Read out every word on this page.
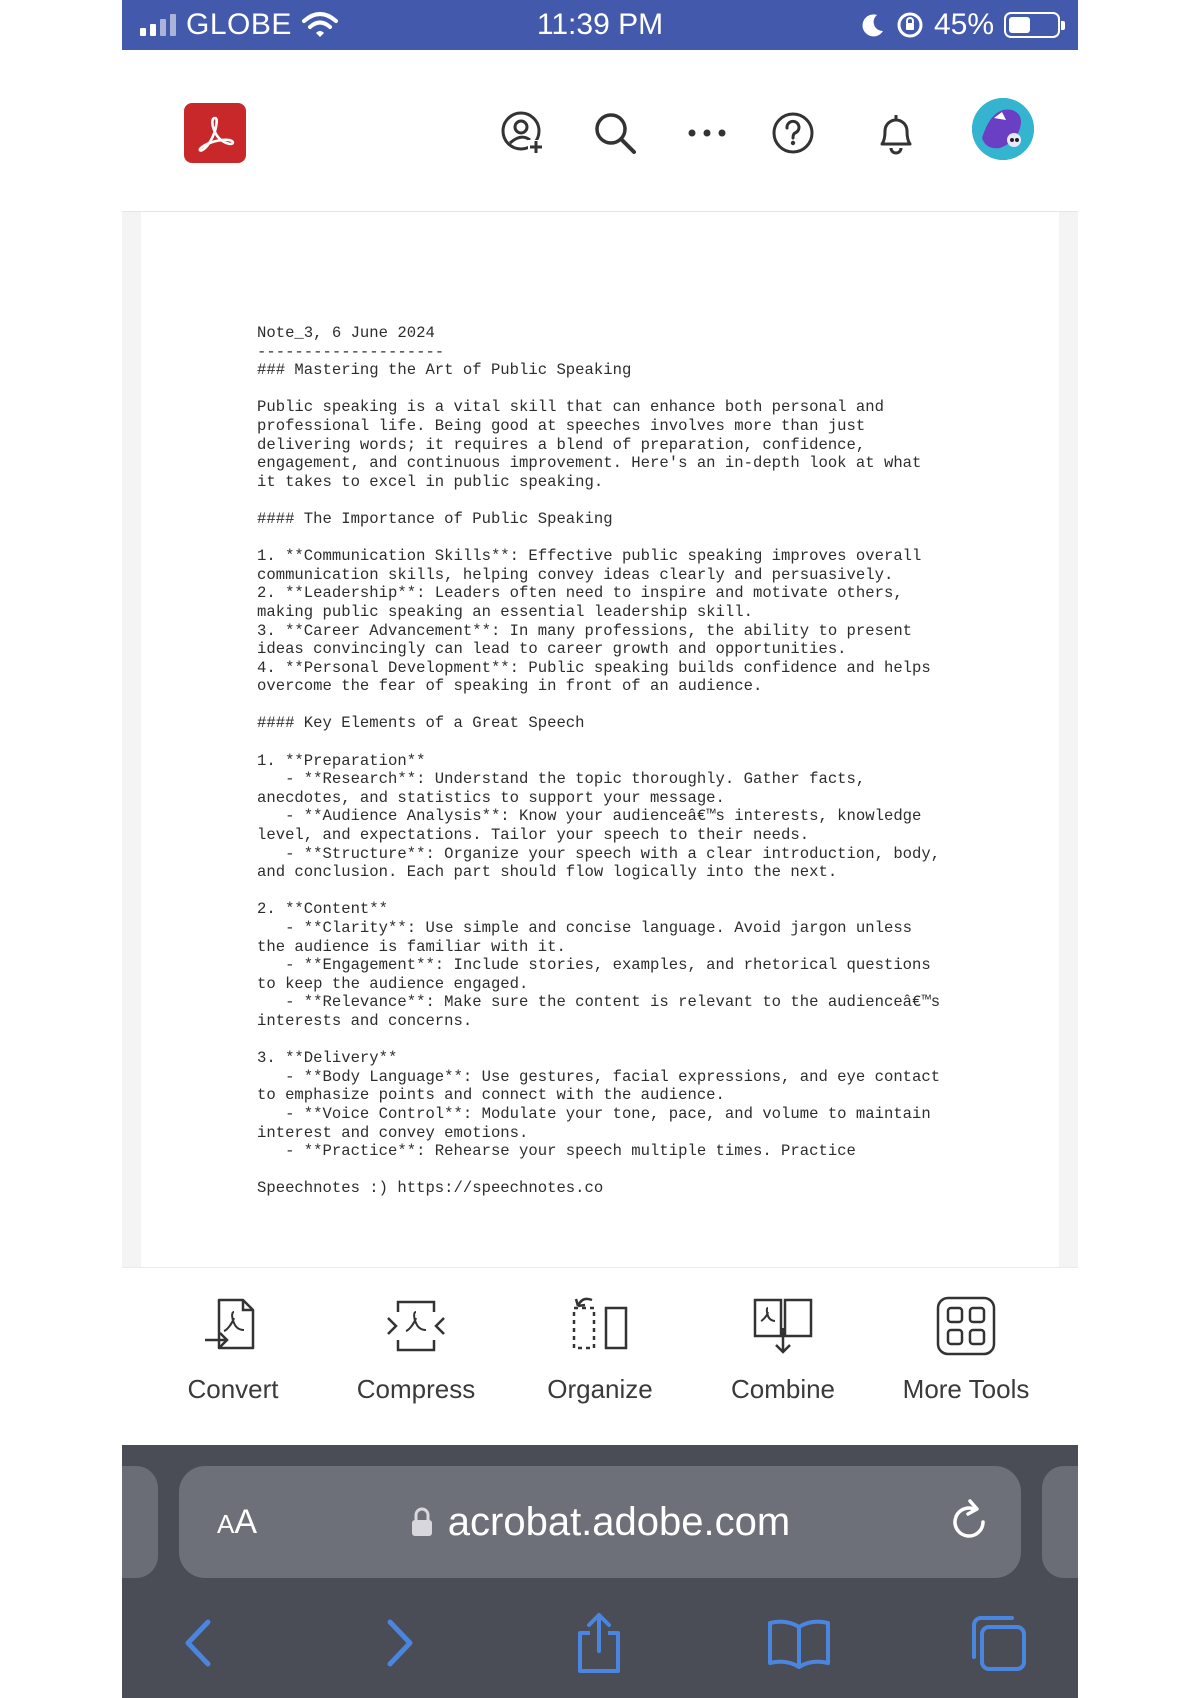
GLOBE	11:39 PM	45%
Note_3, 6 June 2024
--------------------
### Mastering the Art of Public Speaking

Public speaking is a vital skill that can enhance both personal and
professional life. Being good at speeches involves more than just
delivering words; it requires a blend of preparation, confidence,
engagement, and continuous improvement. Here's an in-depth look at what
it takes to excel in public speaking.

#### The Importance of Public Speaking

1. **Communication Skills**: Effective public speaking improves overall
communication skills, helping convey ideas clearly and persuasively.
2. **Leadership**: Leaders often need to inspire and motivate others,
making public speaking an essential leadership skill.
3. **Career Advancement**: In many professions, the ability to present
ideas convincingly can lead to career growth and opportunities.
4. **Personal Development**: Public speaking builds confidence and helps
overcome the fear of speaking in front of an audience.

#### Key Elements of a Great Speech

1. **Preparation**
- **Research**: Understand the topic thoroughly. Gather facts,
anecdotes, and statistics to support your message.
- **Audience Analysis**: Know your audienceâ€™s interests, knowledge
level, and expectations. Tailor your speech to their needs.
- **Structure**: Organize your speech with a clear introduction, body,
and conclusion. Each part should flow logically into the next.

2. **Content**
- **Clarity**: Use simple and concise language. Avoid jargon unless
the audience is familiar with it.
- **Engagement**: Include stories, examples, and rhetorical questions
to keep the audience engaged.
- **Relevance**: Make sure the content is relevant to the audienceâ€™s
interests and concerns.

3. **Delivery**
- **Body Language**: Use gestures, facial expressions, and eye contact
to emphasize points and connect with the audience.
- **Voice Control**: Modulate your tone, pace, and volume to maintain
interest and convey emotions.
- **Practice**: Rehearse your speech multiple times. Practice

Speechnotes :) https://speechnotes.co
Convert	Compress	Organize	Combine	More Tools
AA	acrobat.adobe.com
